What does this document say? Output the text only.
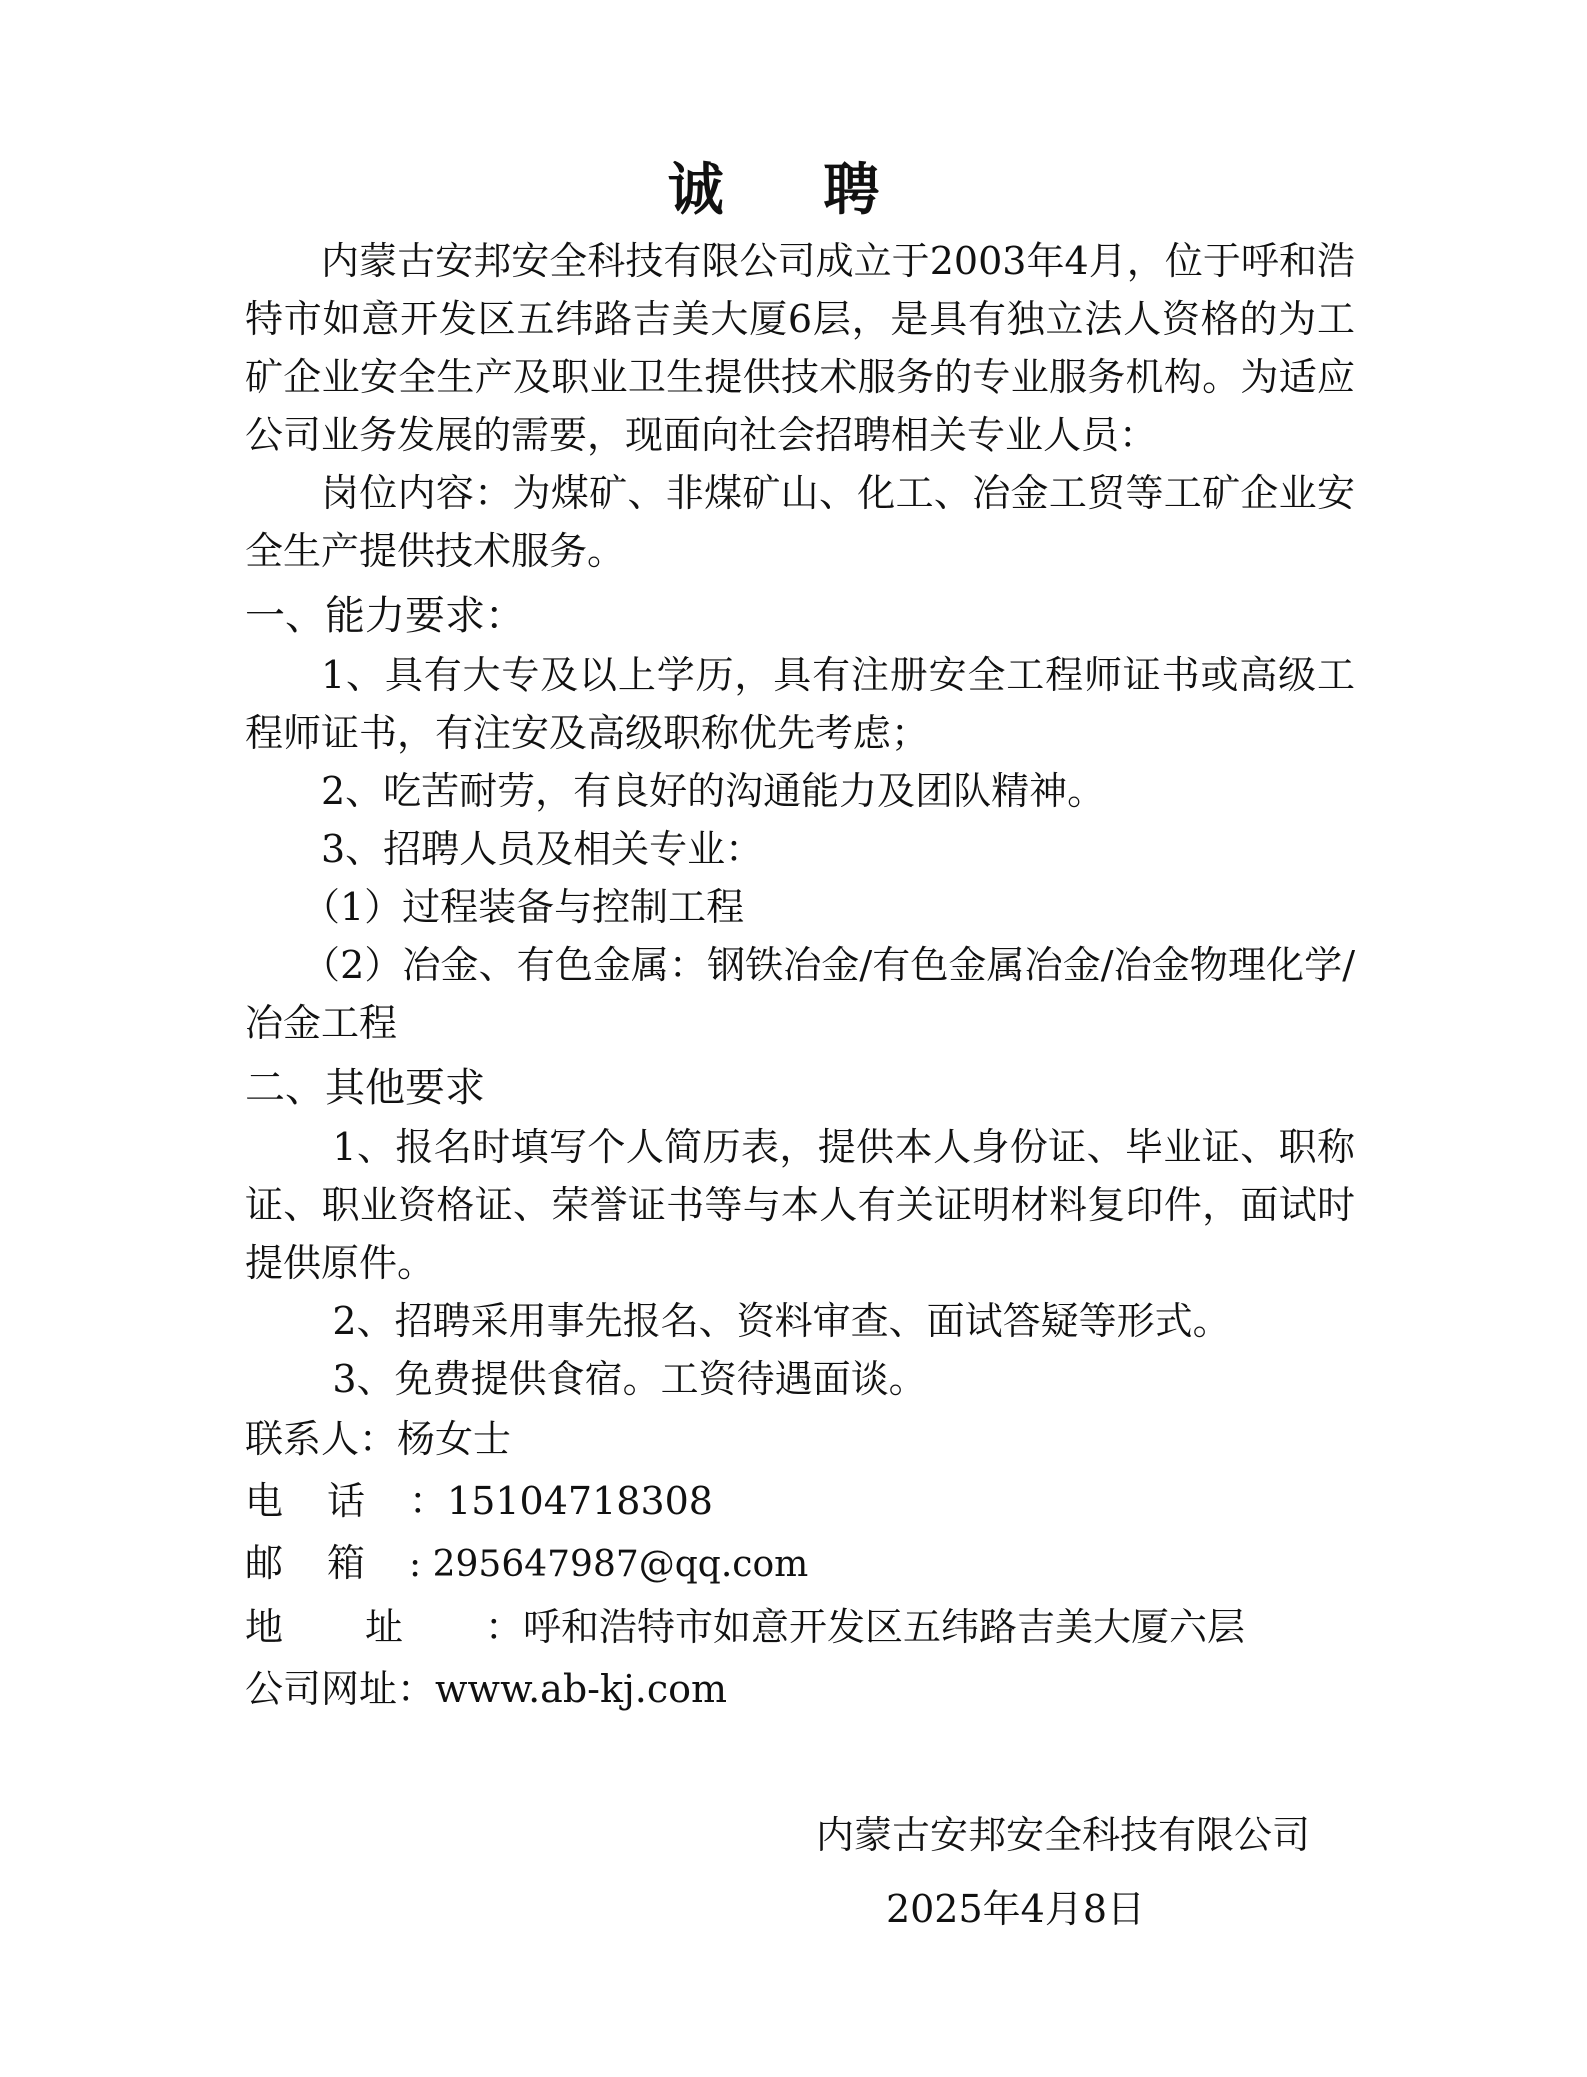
诚 聘

内蒙古安邦安全科技有限公司成立于2003年4月，位于呼和浩特市如意开发区五纬路吉美大厦6层，是具有独立法人资格的为工矿企业安全生产及职业卫生提供技术服务的专业服务机构。为适应公司业务发展的需要，现面向社会招聘相关专业人员：

岗位内容：为煤矿、非煤矿山、化工、冶金工贸等工矿企业安全生产提供技术服务。

一、能力要求：

1、具有大专及以上学历，具有注册安全工程师证书或高级工程师证书，有注安及高级职称优先考虑；

2、吃苦耐劳，有良好的沟通能力及团队精神。

3、招聘人员及相关专业：

（1）过程装备与控制工程

（2）冶金、有色金属：钢铁冶金/有色金属冶金/冶金物理化学/冶金工程

二、其他要求

1、报名时填写个人简历表，提供本人身份证、毕业证、职称证、职业资格证、荣誉证书等与本人有关证明材料复印件，面试时提供原件。

2、招聘采用事先报名、资料审查、面试答疑等形式。

3、免费提供食宿。工资待遇面谈。

联系人：杨女士
电话：15104718308
邮箱: 295647987@qq.com
地址：呼和浩特市如意开发区五纬路吉美大厦六层
公司网址：www.ab-kj.com
内蒙古安邦安全科技有限公司
2025年4月8日
